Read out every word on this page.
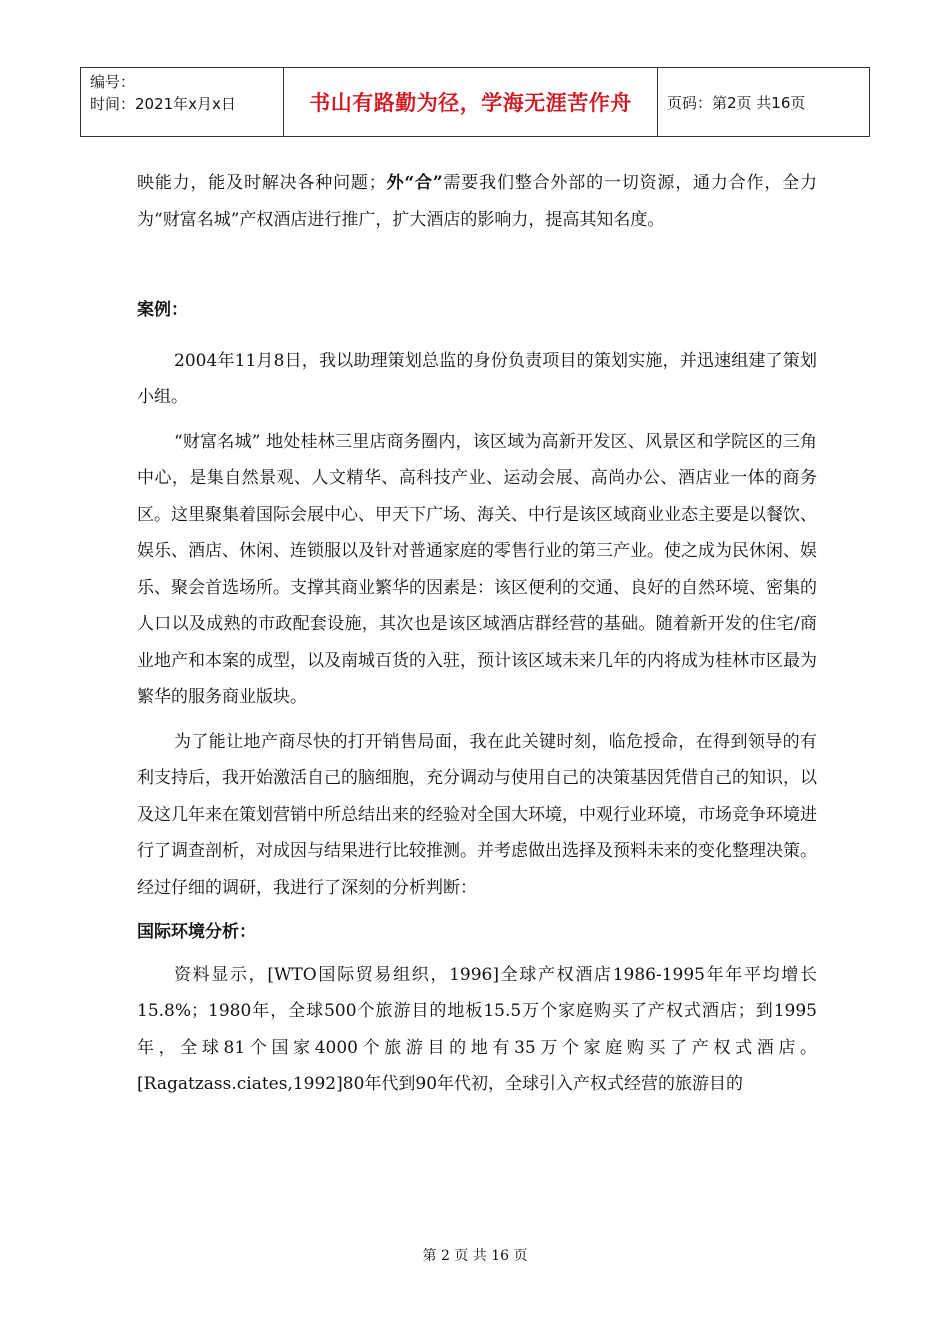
编号：
时间：2021年x月x日	书山有路勤为径，学海无涯苦作舟	页码：第2页 共16页

映能力，能及时解决各种问题；外“合”需要我们整合外部的一切资源，通力合作，全力为“财富名城”产权酒店进行推广，扩大酒店的影响力，提高其知名度。

案例：

2004年11月8日，我以助理策划总监的身份负责项目的策划实施，并迅速组建了策划小组。

“财富名城” 地处桂林三里店商务圈内，该区域为高新开发区、风景区和学院区的三角中心，是集自然景观、人文精华、高科技产业、运动会展、高尚办公、酒店业一体的商务区。这里聚集着国际会展中心、甲天下广场、海关、中行是该区域商业业态主要是以餐饮、娱乐、酒店、休闲、连锁服以及针对普通家庭的零售行业的第三产业。使之成为民休闲、娱乐、聚会首选场所。支撑其商业繁华的因素是：该区便利的交通、良好的自然环境、密集的人口以及成熟的市政配套设施，其次也是该区域酒店群经营的基础。随着新开发的住宅/商业地产和本案的成型，以及南城百货的入驻，预计该区域未来几年的内将成为桂林市区最为繁华的服务商业版块。

为了能让地产商尽快的打开销售局面，我在此关键时刻，临危授命，在得到领导的有利支持后，我开始激活自己的脑细胞，充分调动与使用自己的决策基因凭借自己的知识，以及这几年来在策划营销中所总结出来的经验对全国大环境，中观行业环境，市场竞争环境进行了调查剖析，对成因与结果进行比较推测。并考虑做出选择及预料未来的变化整理决策。经过仔细的调研，我进行了深刻的分析判断：

国际环境分析：

资料显示，[WTO国际贸易组织，1996]全球产权酒店1986-1995年年平均增长15.8%；1980年，全球500个旅游目的地板15.5万个家庭购买了产权式酒店；到1995年，全球81个国家4000个旅游目的地有35万个家庭购买了产权式酒店。[Ragatzass.ciates,1992]80年代到90年代初，全球引入产权式经营的旅游目的

第 2 页 共 16 页
